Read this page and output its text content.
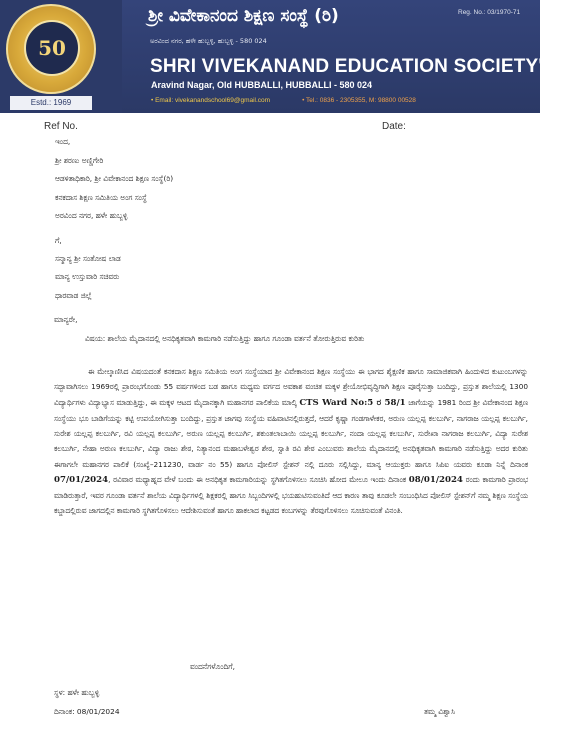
50
Estd.: 1969
ಶ್ರೀ ವಿವೇಕಾನಂದ ಶಿಕ್ಷಣ ಸಂಸ್ಥೆ (ರಿ)	Reg. No.: 03/1970-71
ಅರವಿಂದ ನಗರ, ಹಳೇ ಹುಬ್ಬಳ್ಳಿ, ಹುಬ್ಬಳ್ಳಿ - 580 024
SHRI VIVEKANAND EDUCATION SOCIETY'S (R)
Aravind Nagar, Old HUBBALLI, HUBBALLI - 580 024
• Email: vivekanandschool69@gmail.com	• Tel.: 0836 - 2305355, M: 98800 00528
Ref No.	Date:
ಇಂದ,
ಶ್ರೀ ಶರಣು ಅಣ್ಣಿಗೇರಿ
ಆಡಳಿತಾಧಿಕಾರಿ, ಶ್ರೀ ವಿವೇಕಾನಂದ ಶಿಕ್ಷಣ ಸಂಸ್ಥೆ(ರಿ)
ಕನಕದಾಸ ಶಿಕ್ಷಣ ಸಮಿತಿಯ ಅಂಗ ಸಂಸ್ಥೆ
ಅರವಿಂದ ನಗರ, ಹಳೇ ಹುಬ್ಬಳ್ಳಿ
ಗೆ,
ಸನ್ಮಾನ್ಯ ಶ್ರೀ ಸಂತೋಷ ಲಾಡ
ಮಾನ್ಯ ಉಸ್ತುವಾರಿ ಸಚಿವರು
ಧಾರವಾಡ ಜಿಲ್ಲೆ
ಮಾನ್ಯರೇ,
ವಿಷಯ: ಶಾಲೆಯ ಮೈದಾನದಲ್ಲಿ ಅನಧಿಕೃತವಾಗಿ ಕಾಮಗಾರಿ ನಡೆಸುತ್ತಿದ್ದು ಹಾಗೂ ಗೂಂಡಾ ವರ್ತನೆ ತೋರುತ್ತಿರುವ ಕುರಿತು
ಈ ಮೇಲ್ಕಾಣಿಸಿದ ವಿಷಯದಂತೆ ಕನಕದಾಸ ಶಿಕ್ಷಣ ಸಮಿತಿಯ ಅಂಗ ಸಂಸ್ಥೆಯಾದ ಶ್ರೀ ವಿವೇಕಾನಂದ ಶಿಕ್ಷಣ ಸಂಸ್ಥೆಯು ಈ ಭಾಗದ ಶೈಕ್ಷಣಿಕ ಹಾಗೂ ಸಾಮಾಜಿಕವಾಗಿ ಹಿಂದುಳಿದ ಕುಟುಂಬಗಳನ್ನು ಸದ್ಭಾವಾಗಿಸಲು 1969ರಲ್ಲಿ ಪ್ರಾರಂಭಗೊಂಡು 55 ವರ್ಷಗಳಿಂದ ಬಡ ಹಾಗೂ ಮಧ್ಯಮ ವರ್ಗದ ಅವಕಾಶ ವಂಚಿತ ಮಕ್ಕಳ ಶ್ರೇಯೋಭಿವೃದ್ಧಿಗಾಗಿ ಶಿಕ್ಷಣ ಪೂರೈಸುತ್ತಾ ಬಂದಿದ್ದು, ಪ್ರಸ್ತುತ ಶಾಲೆಯಲ್ಲಿ 1300 ವಿದ್ಯಾರ್ಥಿಗಳು ವಿದ್ಯಾಭ್ಯಾಸ ಮಾಡುತ್ತಿದ್ದು, ಈ ಮಕ್ಕಳ ಆಟದ ಮೈದಾನಕ್ಕಾಗಿ ಮಹಾನಗರ ಪಾಲಿಕೆಯ ಮಾಲ್ಕಿ CTS Ward No:5 ರ 58/1 ಜಾಗೆಯನ್ನು 1981 ರಿಂದ ಶ್ರೀ ವಿವೇಕಾನಂದ ಶಿಕ್ಷಣ ಸಂಸ್ಥೆಯು ಭೂ ಬಾಡಿಗೆಯನ್ನು ಕಟ್ಟಿ ಉಪಯೋಗಿಸುತ್ತಾ ಬಂದಿದ್ದು, ಪ್ರಸ್ತುತ ಜಾಗವು ಸಂಸ್ಥೆಯ ವಹಿವಾಟಿನಲ್ಲಿರುತ್ತದೆ, ಆದರೆ ಕೃಷ್ಣಾ ಗಂಡಗಾಳೇಕರ, ಅರುಣ ಯಲ್ಲಪ್ಪ ಕಲಬುರ್ಗಿ, ನಾಗರಾಜ ಯಲ್ಲಪ್ಪ ಕಲಬುರ್ಗಿ, ಸುರೇಶ ಯಲ್ಲಪ್ಪ ಕಲಬುರ್ಗಿ, ರವಿ ಯಲ್ಲಪ್ಪ ಕಲಬುರ್ಗಿ, ಅರುಣ ಯಲ್ಲಪ್ಪ ಕಲಬುರ್ಗಿ, ಶಕುಂತಲಾಬಾಯಿ ಯಲ್ಲಪ್ಪ ಕಲಬುರ್ಗಿ, ನಂದಾ ಯಲ್ಲಪ್ಪ ಕಲಬುರ್ಗಿ, ಸುರೇಖಾ ನಾಗರಾಜ ಕಲಬುರ್ಗಿ, ವಿದ್ಯಾ ಸುರೇಶ ಕಲಬುರ್ಗಿ, ನೇಹಾ ಅರುಣ ಕಲಬುರ್ಗಿ, ವಿದ್ಯಾ ರಾಜು ಶೇಠ, ನಿತ್ಯಾನಂದ ಮಹಾಬಳೇಶ್ವರ ಶೇಠ, ಸ್ವಾತಿ ರವಿ ಶೇಠ ಎಂಬುವರು ಶಾಲೆಯ ಮೈದಾನದಲ್ಲಿ ಅನಧಿಕೃತವಾಗಿ ಕಾಮಗಾರಿ ನಡೆಸುತ್ತಿದ್ದು ಅದರ ಕುರಿತು ಈಗಾಗಲೇ ಮಹಾನಗರ ಪಾಲಿಕೆ (ಸಂಖ್ಯೆ–211230, ವಾರ್ಡ ನಂ 55) ಹಾಗೂ ಪೋಲಿಸ್ ಸ್ಟೇಶನ್ ನಲ್ಲಿ ದೂರು ಸಲ್ಲಿಸಿದ್ದು, ಮಾನ್ಯ ಆಯುಕ್ತರು ಹಾಗೂ ಸಿಪಿಐ ಯವರು ಕೂಡಾ ನಿನ್ನೆ ದಿನಾಂಕ 07/01/2024, ರವಿವಾರ ಮಧ್ಯಾಹ್ನದ ವೇಳೆ ಬಂದು ಈ ಅನಧಿಕೃತ ಕಾಮಗಾರಿಯನ್ನು ಸ್ಥಗಿತಗೊಳಿಸಲು ಸೂಚಿಸಿ ಹೋದ ಮೇಲೂ ಇಂದು ದಿನಾಂಕ 08/01/2024 ರಂದು ಕಾಮಗಾರಿ ಪ್ರಾರಂಭ ಮಾಡಿರುತ್ತಾರೆ, ಇವರ ಗೂಂಡಾ ವರ್ತನೆ ಶಾಲೆಯ ವಿದ್ಯಾರ್ಥಿಗಳಲ್ಲಿ ಶಿಕ್ಷಕರಲ್ಲಿ ಹಾಗೂ ಸಿಬ್ಬಂದಿಗಳಲ್ಲಿ ಭಯಹುಟಿಸುವಂತಿದೆ ಆದ ಕಾರಣ ತಾವು ಕೂಡಲೇ ಸಂಬಂಧಿಸಿದ ಪೋಲಿಸ್ ಸ್ಟೇಶನ್‌ಗೆ ನಮ್ಮ ಶಿಕ್ಷಣ ಸಂಸ್ಥೆಯ ಕಬ್ಜಾದಲ್ಲಿರುವ ಜಾಗದಲ್ಲಿನ ಕಾಮಗಾರಿ ಸ್ಥಗಿತಗೊಳಿಸಲು ಆದೇಶಿಸುವಂತೆ ಹಾಗೂ ಹಾಕಲಾದ ಕಟ್ಟಡದ ಕಂಬಗಳನ್ನು ತೆರವುಗೊಳಿಸಲು ಸೂಚಿಸುವಂತೆ ವಿನಂತಿ.
ವಂದನೆಗಳೊಂದಿಗೆ,
ಸ್ಥಳ: ಹಳೇ ಹುಬ್ಬಳ್ಳಿ
ದಿನಾಂಕ: 08/01/2024	ತಮ್ಮ ವಿಶ್ವಾಸಿ
